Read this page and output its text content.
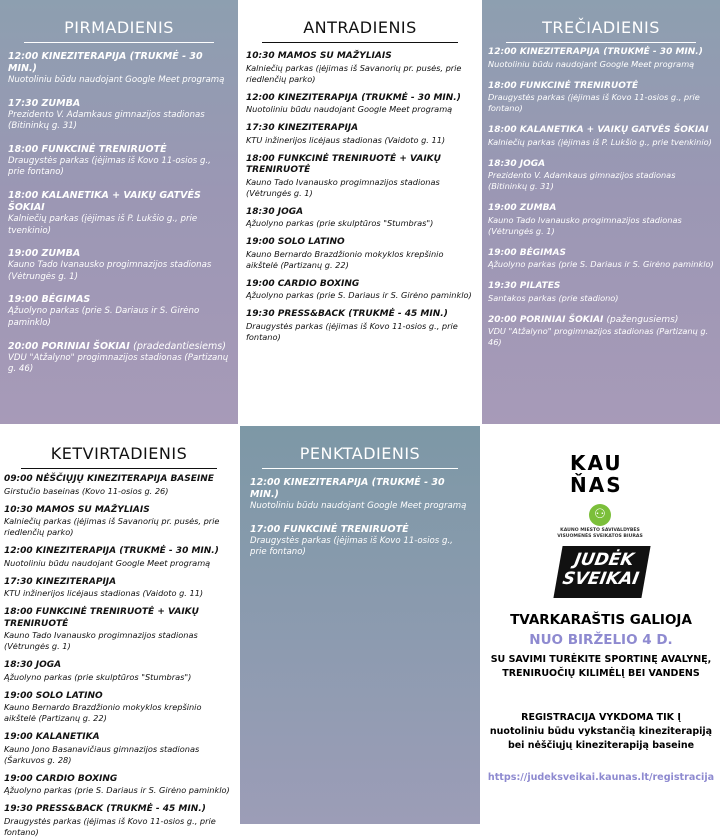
PIRMADIENIS
12:00 KINEZITERAPIJA (TRUKMĖ - 30 MIN.)
Nuotoliniu būdu naudojant Google Meet programą
17:30 ZUMBA
Prezidento V. Adamkaus gimnazijos stadionas (Bitininkų g. 31)
18:00 FUNKCINĖ TRENIRUOTĖ
Draugystės parkas (įėjimas iš Kovo 11-osios g., prie fontano)
18:00 KALANETIKA + VAIKŲ GATVĖS ŠOKIAI
Kalniečių parkas (įėjimas iš P. Lukšio g., prie tvenkinio)
19:00 ZUMBA
Kauno Tado Ivanausko progimnazijos stadionas (Vėtrungės g. 1)
19:00 BĖGIMAS
Ąžuolyno parkas (prie S. Dariaus ir S. Girėno paminklo)
20:00 PORINIAI ŠOKIAI (pradedantiesiems)
VDU "Atžalyno" progimnazijos stadionas (Partizanų g. 46)
ANTRADIENIS
10:30 MAMOS SU MAŽYLIAIS
Kalniečių parkas (įėjimas iš Savanorių pr. pusės, prie riedlenčių parko)
12:00 KINEZITERAPIJA (TRUKMĖ - 30 MIN.)
Nuotoliniu būdu naudojant Google Meet programą
17:30 KINEZITERAPIJA
KTU inžinerijos licėjaus stadionas (Vaidoto g. 11)
18:00 FUNKCINĖ TRENIRUOTĖ + VAIKŲ TRENIRUOTĖ
Kauno Tado Ivanausko progimnazijos stadionas (Vėtrungės g. 1)
18:30 JOGA
Ąžuolyno parkas (prie skulptūros "Stumbras")
19:00 SOLO LATINO
Kauno Bernardo Brazdžionio mokyklos krepšinio aikštelė (Partizanų g. 22)
19:00 CARDIO BOXING
Ąžuolyno parkas (prie S. Dariaus ir S. Girėno paminklo)
19:30 PRESS&BACK (TRUKMĖ - 45 MIN.)
Draugystės parkas (įėjimas iš Kovo 11-osios g., prie fontano)
TREČIADIENIS
12:00 KINEZITERAPIJA (TRUKMĖ - 30 MIN.)
Nuotoliniu būdu naudojant Google Meet programą
18:00 FUNKCINĖ TRENIRUOTĖ
Draugystės parkas (įėjimas iš Kovo 11-osios g., prie fontano)
18:00 KALANETIKA + VAIKŲ GATVĖS ŠOKIAI
Kalniečių parkas (įėjimas iš P. Lukšio g., prie tvenkinio)
18:30 JOGA
Prezidento V. Adamkaus gimnazijos stadionas (Bitininkų g. 31)
19:00 ZUMBA
Kauno Tado Ivanausko progimnazijos stadionas (Vėtrungės g. 1)
19:00 BĖGIMAS
Ąžuolyno parkas (prie S. Dariaus ir S. Girėno paminklo)
19:30 PILATES
Santakos parkas (prie stadiono)
20:00 PORINIAI ŠOKIAI (pažengusiems)
VDU "Atžalyno" progimnazijos stadionas (Partizanų g. 46)
KETVIRTADIENIS
09:00 NĖŠČIŲJŲ KINEZITERAPIJA BASEINE
Girstučio baseinas (Kovo 11-osios g. 26)
10:30 MAMOS SU MAŽYLIAIS
Kalniečių parkas (įėjimas iš Savanorių pr. pusės, prie riedlenčių parko)
12:00 KINEZITERAPIJA (TRUKMĖ - 30 MIN.)
Nuotoliniu būdu naudojant Google Meet programą
17:30 KINEZITERAPIJA
KTU inžinerijos licėjaus stadionas (Vaidoto g. 11)
18:00 FUNKCINĖ TRENIRUOTĖ + VAIKŲ TRENIRUOTĖ
Kauno Tado Ivanausko progimnazijos stadionas (Vėtrungės g. 1)
18:30 JOGA
Ąžuolyno parkas (prie skulptūros "Stumbras")
19:00 SOLO LATINO
Kauno Bernardo Brazdžionio mokyklos krepšinio aikštelė (Partizanų g. 22)
19:00 KALANETIKA
Kauno Jono Basanavičiaus gimnazijos stadionas (Šarkuvos g. 28)
19:00 CARDIO BOXING
Ąžuolyno parkas (prie S. Dariaus ir S. Girėno paminklo)
19:30 PRESS&BACK (TRUKMĖ - 45 MIN.)
Draugystės parkas (įėjimas iš Kovo 11-osios g., prie fontano)
PENKTADIENIS
12:00 KINEZITERAPIJA (TRUKMĖ - 30 MIN.)
Nuotoliniu būdu naudojant Google Meet programą
17:00 FUNKCINĖ TRENIRUOTĖ
Draugystės parkas (įėjimas iš Kovo 11-osios g., prie fontano)
KAU
ŇAS
⚇
KAUNO MIESTO SAVIVALDYBĖS VISUOMENĖS SVEIKATOS BIURAS
JUDĖK
SVEIKAI
TVARKARAŠTIS GALIOJA
NUO BIRŽELIO 4 D.
SU SAVIMI TURĖKITE SPORTINĘ AVALYNĘ, TRENIRUOČIŲ KILIMĖLĮ BEI VANDENS
REGISTRACIJA VYKDOMA TIK Į
nuotoliniu būdu vykstančią kineziterapiją
bei nėščiųjų kineziterapiją baseine
https://judeksveikai.kaunas.lt/registracija
